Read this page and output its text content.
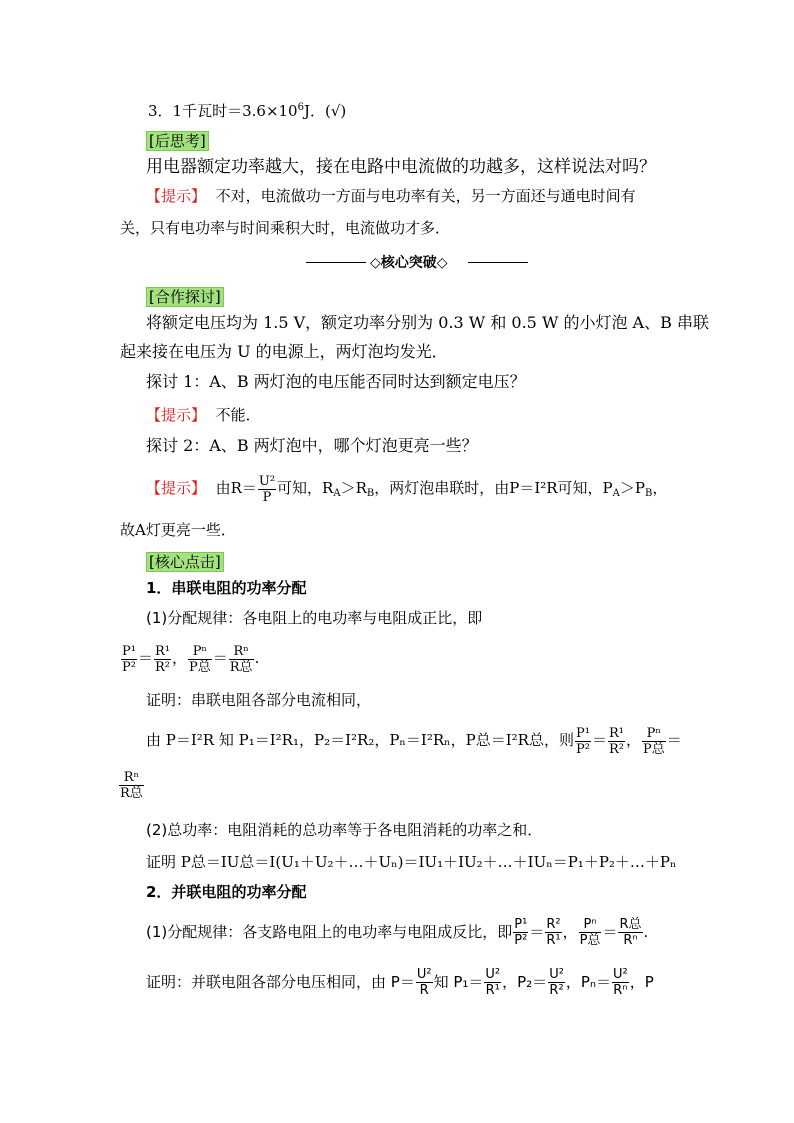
3．1千瓦时$=3.6\times 10^6J$．(√)
[后思考]
用电器额定功率越大，接在电路中电流做的功越多，这样说法对吗？
【提示】 不对，电流做功一方面与电功率有关，另一方面还与通电时间有
关，只有电功率与时间乘积大时，电流做功才多．
◇核心突破◇
[合作探讨]
将额定电压均为 1.5 V，额定功率分别为 0.3 W 和 0.5 W 的小灯泡 A、B 串联
起来接在电压为 U 的电源上，两灯泡均发光．
探讨 1：A、B 两灯泡的电压能否同时达到额定电压？
【提示】 不能．
探讨 2：A、B 两灯泡中，哪个灯泡更亮一些？
【提示】 由$R= \frac{\text{U²}}{P}$ 可知，$R_A>R_B$，两灯泡串联时，由P＝I²R可知，$P_A>P_B$，
故A灯更亮一些．
[核心点击]
1．串联电阻的功率分配
(1)分配规律：各电阻上的电功率与电阻成正比，即
$\frac{\text{P¹}}{\text{P²}} = \frac{\text{R¹}}{\text{R²}}$ ， $\frac{\text{Pⁿ}}{\text{P总}} = \frac{\text{Rⁿ}}{\text{R总}}$ .
证明：串联电阻各部分电流相同，
由 P＝I²R 知 P₁＝I²R₁，P₂＝I²R₂，Pₙ＝I²Rₙ，P总＝I²R总，则 $\frac{\text{P¹}}{\text{P²}} = \frac{\text{R¹}}{\text{R²}}$ ， $\frac{\text{Pⁿ}}{\text{P总}}$ ＝
$\frac{\text{Rⁿ}}{\text{R总}}$
(2)总功率：电阻消耗的总功率等于各电阻消耗的功率之和．
证明 P总＝IU总＝I(U₁＋U₂＋…＋Uₙ)＝IU₁＋IU₂＋…＋IUₙ＝P₁＋P₂＋…＋Pₙ
2．并联电阻的功率分配
(1)分配规律：各支路电阻上的电功率与电阻成反比，即 $\frac{\text{P¹}}{\text{P²}} = \frac{\text{R²}}{\text{R¹}}$ ， $\frac{\text{Pⁿ}}{\text{P总}} = \frac{\text{R总}}{\text{Rⁿ}}$ .
证明：并联电阻各部分电压相同，由 $P= \frac{\text{U²}}{R}$ 知 $P_1= \frac{\text{U²}}{\text{R¹}}$ ，$P_2= \frac{\text{U²}}{\text{R²}}$ ，$P_n= \frac{\text{U²}}{\text{Rⁿ}}$ ，P
